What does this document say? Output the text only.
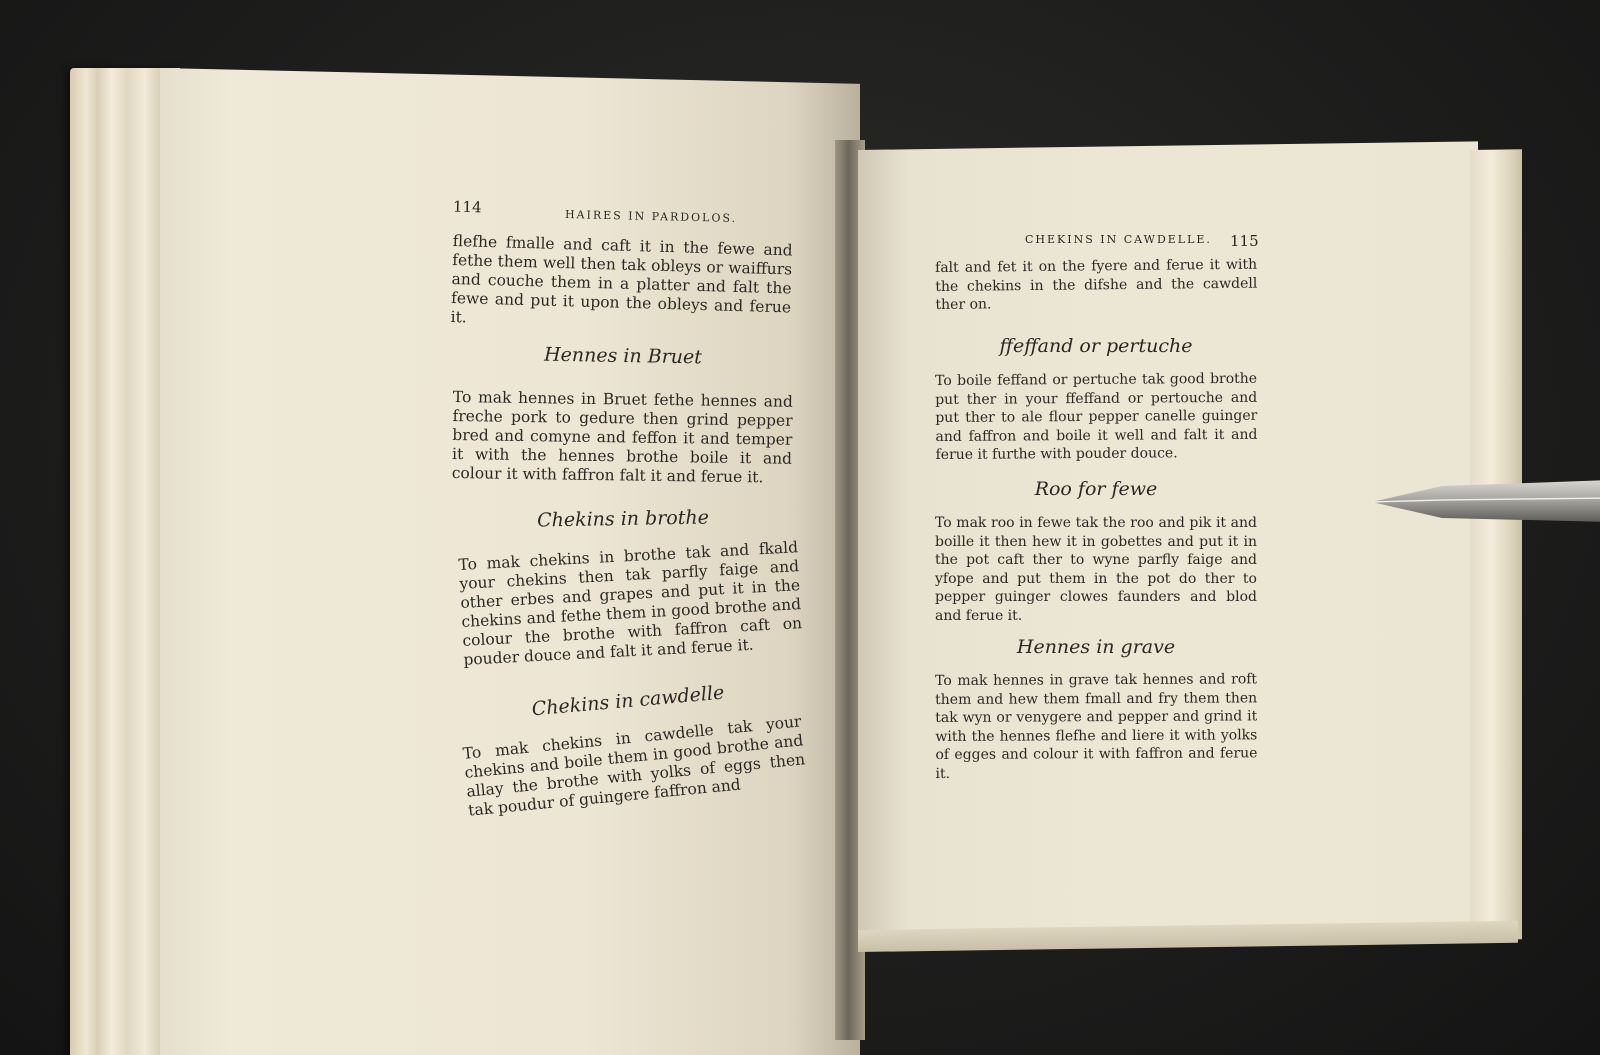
114
HAIRES IN PARDOLOS.
flefhe fmalle and caft it in the fewe and fethe them well then tak obleys or waiffurs and couche them in a platter and falt the fewe and put it upon the obleys and ferue it.
Hennes in Bruet
To mak hennes in Bruet fethe hennes and freche pork to gedure then grind pepper bred and comyne and feffon it and temper it with the hennes brothe boile it and colour it with faffron falt it and ferue it.
Chekins in brothe
To mak chekins in brothe tak and fkald your chekins then tak parfly faige and other erbes and grapes and put it in the chekins and fethe them in good brothe and colour the brothe with faffron caft on pouder douce and falt it and ferue it.
Chekins in cawdelle
To mak chekins in cawdelle tak your chekins and boile them in good brothe and allay the brothe with yolks of eggs then tak poudur of guingere faffron and
CHEKINS IN CAWDELLE. 115
falt and fet it on the fyere and ferue it with the chekins in the difshe and the cawdell ther on.
ffeffand or pertuche
To boile feffand or pertuche tak good brothe put ther in your ffeffand or pertouche and put ther to ale flour pepper canelle guinger and faffron and boile it well and falt it and ferue it furthe with pouder douce.
Roo for fewe
To mak roo in fewe tak the roo and pik it and boille it then hew it in gobettes and put it in the pot caft ther to wyne parfly faige and yfope and put them in the pot do ther to pepper guinger clowes faunders and blod and ferue it.
Hennes in grave
To mak hennes in grave tak hennes and roft them and hew them fmall and fry them then tak wyn or venygere and pepper and grind it with the hennes flefhe and liere it with yolks of egges and colour it with faffron and ferue it.
